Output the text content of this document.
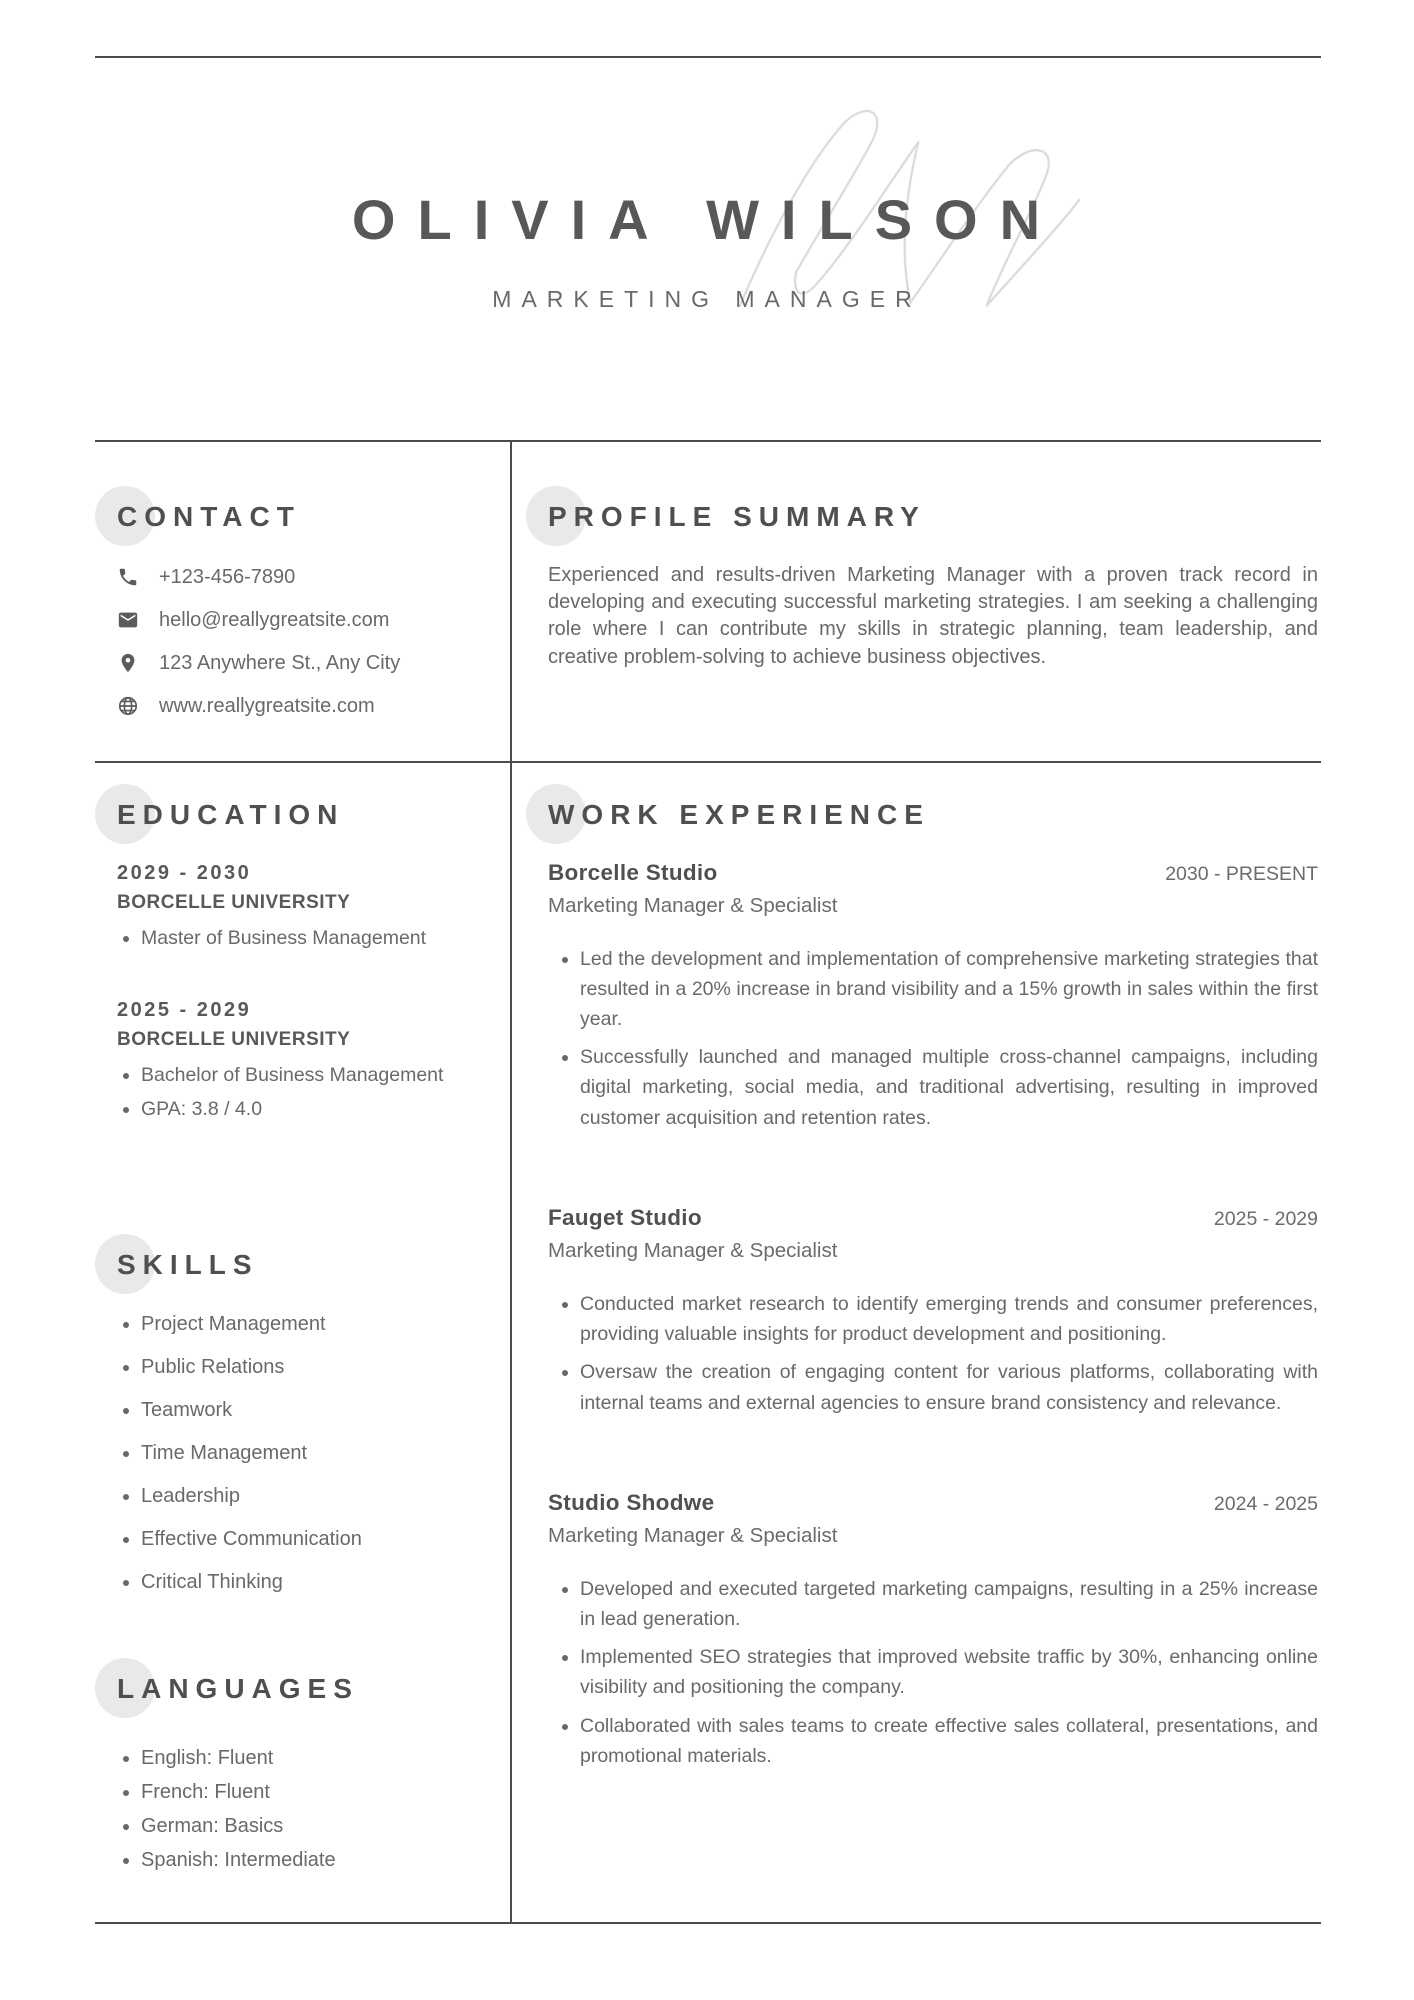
OLIVIA WILSON
MARKETING MANAGER
CONTACT
+123-456-7890
hello@reallygreatsite.com
123 Anywhere St., Any City
www.reallygreatsite.com
PROFILE SUMMARY

Experienced and results-driven Marketing Manager with a proven track record in developing and executing successful marketing strategies. I am seeking a challenging role where I can contribute my skills in strategic planning, team leadership, and creative problem-solving to achieve business objectives.

EDUCATION
2029 - 2030
BORCELLE UNIVERSITY
• Master of Business Management
2025 - 2029
BORCELLE UNIVERSITY
• Bachelor of Business Management
• GPA: 3.8 / 4.0
WORK EXPERIENCE
Borcelle Studio	2030 - PRESENT
Marketing Manager & Specialist
• Led the development and implementation of comprehensive marketing strategies that resulted in a 20% increase in brand visibility and a 15% growth in sales within the first year.
• Successfully launched and managed multiple cross-channel campaigns, including digital marketing, social media, and traditional advertising, resulting in improved customer acquisition and retention rates.
Fauget Studio	2025 - 2029
Marketing Manager & Specialist
• Conducted market research to identify emerging trends and consumer preferences, providing valuable insights for product development and positioning.
• Oversaw the creation of engaging content for various platforms, collaborating with internal teams and external agencies to ensure brand consistency and relevance.
Studio Shodwe	2024 - 2025
Marketing Manager & Specialist
• Developed and executed targeted marketing campaigns, resulting in a 25% increase in lead generation.
• Implemented SEO strategies that improved website traffic by 30%, enhancing online visibility and positioning the company.
• Collaborated with sales teams to create effective sales collateral, presentations, and promotional materials.
SKILLS
• Project Management
• Public Relations
• Teamwork
• Time Management
• Leadership
• Effective Communication
• Critical Thinking
LANGUAGES
• English: Fluent
• French: Fluent
• German: Basics
• Spanish: Intermediate
